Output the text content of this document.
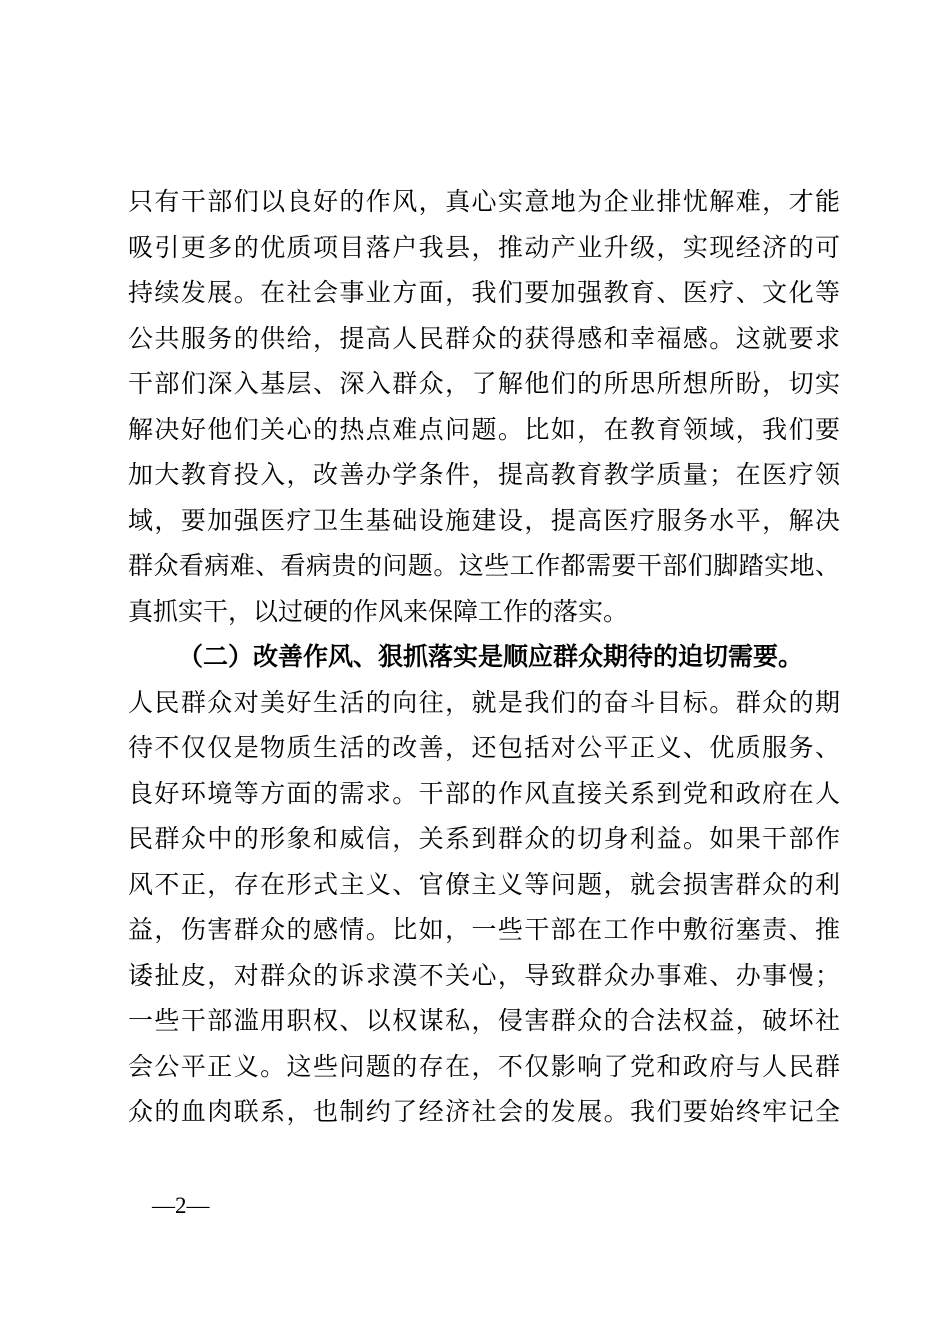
只有干部们以良好的作风，真心实意地为企业排忧解难，才能
吸引更多的优质项目落户我县，推动产业升级，实现经济的可
持续发展。在社会事业方面，我们要加强教育、医疗、文化等
公共服务的供给，提高人民群众的获得感和幸福感。这就要求
干部们深入基层、深入群众，了解他们的所思所想所盼，切实
解决好他们关心的热点难点问题。比如，在教育领域，我们要
加大教育投入，改善办学条件，提高教育教学质量；在医疗领
域，要加强医疗卫生基础设施建设，提高医疗服务水平，解决
群众看病难、看病贵的问题。这些工作都需要干部们脚踏实地、
真抓实干，以过硬的作风来保障工作的落实。
（二）改善作风、狠抓落实是顺应群众期待的迫切需要。
人民群众对美好生活的向往，就是我们的奋斗目标。群众的期
待不仅仅是物质生活的改善，还包括对公平正义、优质服务、
良好环境等方面的需求。干部的作风直接关系到党和政府在人
民群众中的形象和威信，关系到群众的切身利益。如果干部作
风不正，存在形式主义、官僚主义等问题，就会损害群众的利
益，伤害群众的感情。比如，一些干部在工作中敷衍塞责、推
诿扯皮，对群众的诉求漠不关心，导致群众办事难、办事慢；
一些干部滥用职权、以权谋私，侵害群众的合法权益，破坏社
会公平正义。这些问题的存在，不仅影响了党和政府与人民群
众的血肉联系，也制约了经济社会的发展。我们要始终牢记全
—2—
